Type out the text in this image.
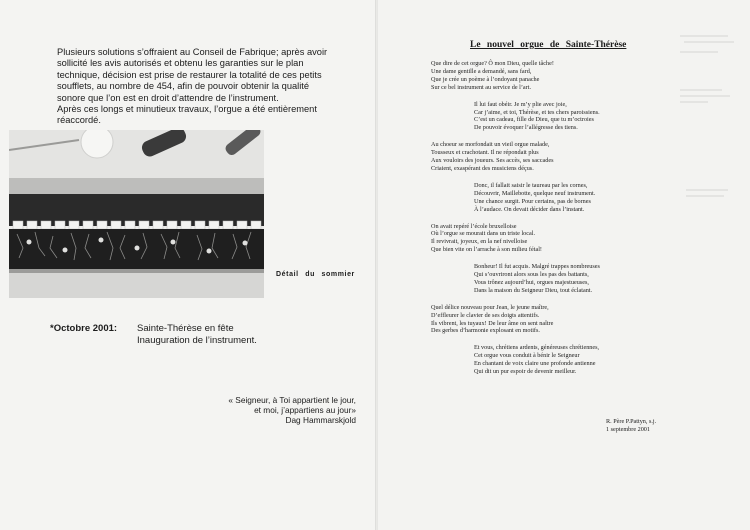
Plusieurs solutions s’offraient au Conseil de Fabrique; après avoir

sollicité les avis autorisés et obtenu les garanties sur le plan

technique, décision est prise de restaurer la totalité de ces petits

soufflets, au nombre de 454, afin de pouvoir obtenir la qualité

sonore que l’on est en droit d’attendre de l’instrument.

Après ces longs et minutieux travaux, l’orgue a été entièrement

réaccordé.

Détail du sommier
*Octobre 2001:	Sainte-Thérèse en fête
Inauguration de l’instrument.
« Seigneur, à Toi appartient le jour,
et moi, j’appartiens au jour»
Dag Hammarskjold
Le nouvel orgue de Sainte-Thérèse
Que dire de cet orgue? Ô mon Dieu, quelle tâche!
Une dame gentille a demandé, sans fard,
Que je crée un poème à l’ondoyant panache
Sur ce bel instrument au service de l’art.
Il lui faut obéir. Je m’y plie avec joie,
Car j’aime, et toi, Thérèse, et tes chers paroissiens.
C’est un cadeau, fille de Dieu, que tu m’octroies
De pouvoir évoquer l’allégresse des tiens.
Au choeur se morfondait un vieil orgue malade,
Tousseux et crachotant. Il ne répondait plus
Aux vouloirs des joueurs. Ses accès, ses saccades
Criaient, exaspérant des musiciens déçus.
Donc, il fallait saisir le taureau par les cornes,
Découvrir, Maillebotte, quelque neuf instrument.
Une chance surgit. Pour certains, pas de bornes
À l’audace. On devait décider dans l’instant.
On avait repéré l’école bruxelloise
Où l’orgue se mourait dans un triste local.
Il revivrait, joyeux, en la nef nivelloise
Que bien vite on l’arrache à son milieu fétal!
Bonheur! Il fut acquis. Malgré trappes nombreuses
Qui s’ouvriront alors sous les pas des battants,
Vous trônez aujourd’hui, orgues majestueuses,
Dans la maison du Seigneur Dieu, tout éclatant.
Quel délice nouveau pour Jean, le jeune maître,
D’effleurer le clavier de ses doigts attentifs.
Ils vibrent, les tuyaux! De leur âme on sent naître
Des gerbes d’harmonie explosant en motifs.
Et vous, chrétiens ardents, généreuses chrétiennes,
Cet orgue vous conduit à bénir le Seigneur
En chantant de voix claire une profonde antienne
Qui dit un pur espoir de devenir meilleur.
R. Père P.Pattyn, s.j.
1 septembre 2001
